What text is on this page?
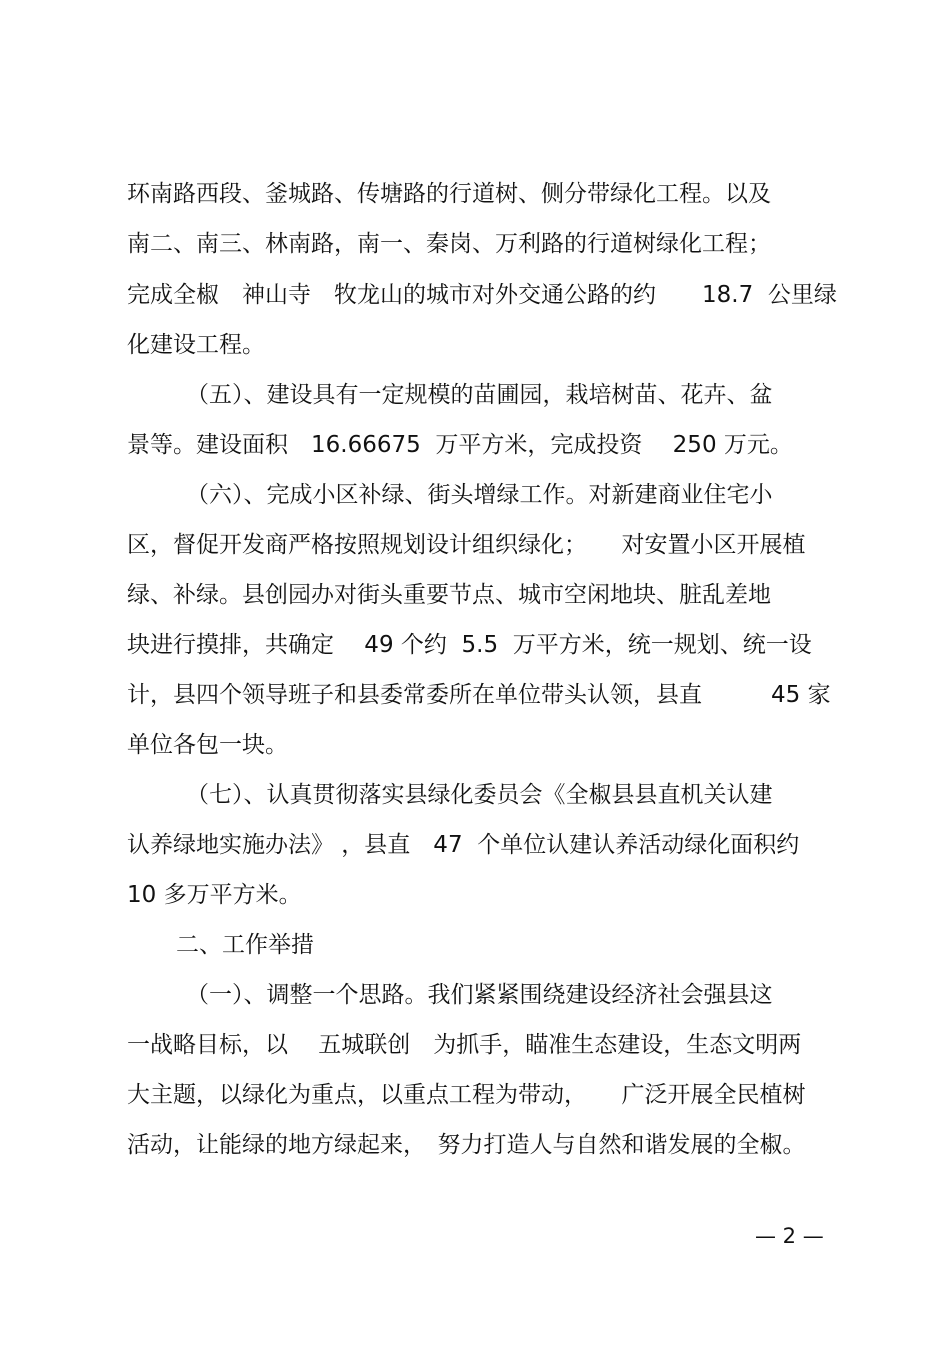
环南路西段、釜城路、传塘路的行道树、侧分带绿化工程。以及
南二、南三、林南路，南一、秦岗、万利路的行道树绿化工程；
完成全椒　神山寺　牧龙山的城市对外交通公路的约　　18.7  公里绿
化建设工程。
（五）、建设具有一定规模的苗圃园，栽培树苗、花卉、盆
景等。建设面积　16.66675  万平方米，完成投资　 250 万元。
（六）、完成小区补绿、街头增绿工作。对新建商业住宅小
区，督促开发商严格按照规划设计组织绿化；　　对安置小区开展植
绿、补绿。县创园办对街头重要节点、城市空闲地块、脏乱差地
块进行摸排，共确定　 49 个约  5.5  万平方米，统一规划、统一设
计，县四个领导班子和县委常委所在单位带头认领，县直　　　45 家
单位各包一块。
（七）、认真贯彻落实县绿化委员会《全椒县县直机关认建
认养绿地实施办法》 ，县直　47  个单位认建认养活动绿化面积约
10 多万平方米。
二、工作举措
（一）、调整一个思路。我们紧紧围绕建设经济社会强县这
一战略目标，以　 五城联创　为抓手，瞄准生态建设，生态文明两
大主题，以绿化为重点，以重点工程为带动，　　广泛开展全民植树
活动，让能绿的地方绿起来，　努力打造人与自然和谐发展的全椒。
— 2 —
